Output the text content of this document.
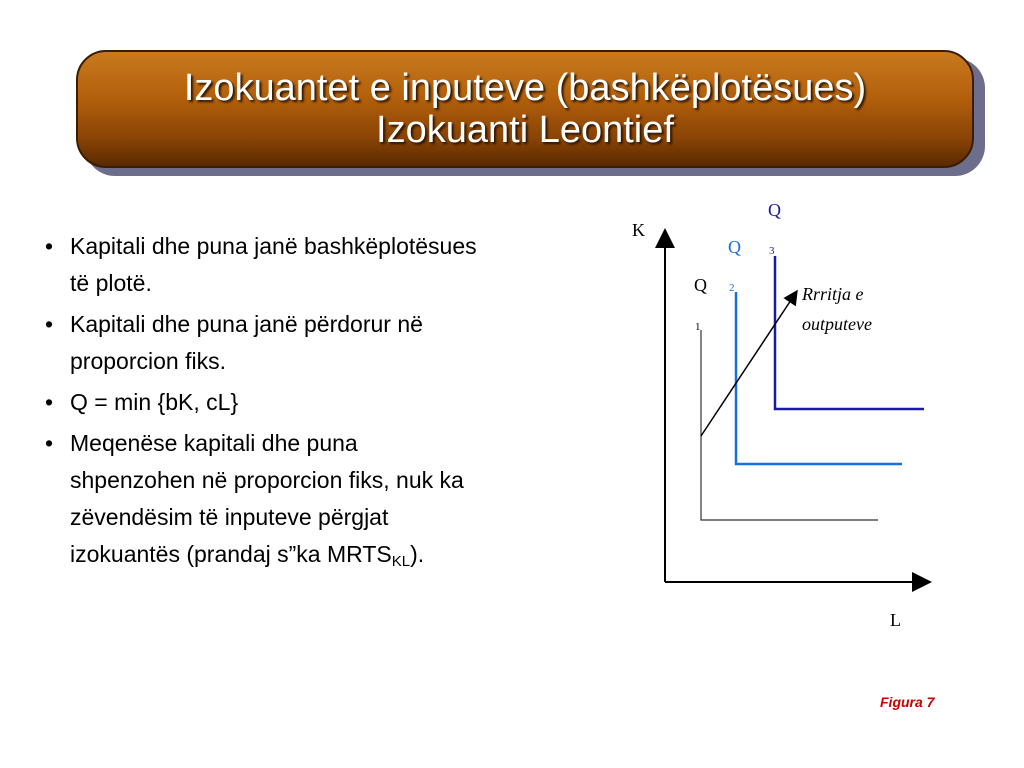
Izokuantet e inputeve (bashkëplotësues)
Izokuanti Leontief
• Kapitali dhe puna janë bashkëplotësues të plotë.
• Kapitali dhe puna janë përdorur në proporcion fiks.
• Q = min {bK, cL}
• Meqenëse kapitali dhe puna shpenzohen në proporcion fiks, nuk ka zëvendësim të inputeve përgjat izokuantës (prandaj s”ka $MRTS_{KL}$).
K
L
Q
1
Q
2
Q
3
Rrritja e outputeve
Figura 7
